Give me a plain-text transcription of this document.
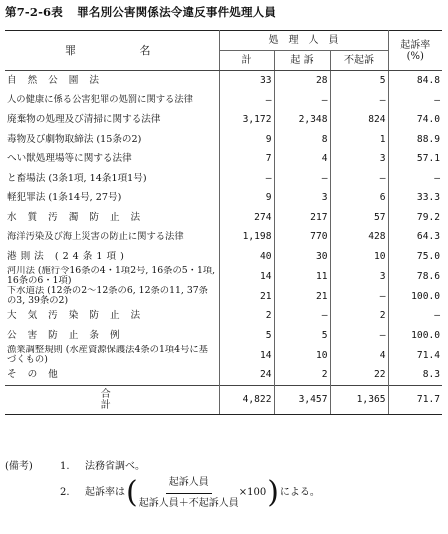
第7-2-6表 罪名別公害関係法令違反事件処理人員
罪 名	処理人員			起訴率
(%)

	計	起 訴	不起訴	
自然公園法	33	28	5	84.8
人の健康に係る公害犯罪の処罰に関する法律	—	—	—	—
廃棄物の処理及び清掃に関する法律	3,172	2,348	824	74.0
毒物及び劇物取締法 (15条の2)	9	8	1	88.9
へい獣処理場等に関する法律	7	4	3	57.1
と畜場法 (3条1項, 14条1項1号)	—	—	—	—
軽犯罪法 (1条14号, 27号)	9	3	6	33.3
水質汚濁防止法	274	217	57	79.2
海洋汚染及び海上災害の防止に関する法律	1,198	770	428	64.3
港則法 (24条1項)	40	30	10	75.0
河川法 (施行令16条の4・1項2号, 16条の5・1項, 16条の6・1項)	14	11	3	78.6
下水道法 (12条の2～12条の6, 12条の11, 37条の3, 39条の2)	21	21	—	100.0
大気汚染防止法	2	—	2	—
公害防止条例	5	5	—	100.0
漁業調整規則 (水産資源保護法4条の1項4号に基づくもの)	14	10	4	71.4
その他	24	2	22	8.3
合計	4,822	3,457	1,365	71.7
(備考)	1. 法務省調べ。
2. 起訴率は ( $\frac{\text{起訴人員}}{\text{起訴人員＋不起訴人員}} \times 100$ ) による。
